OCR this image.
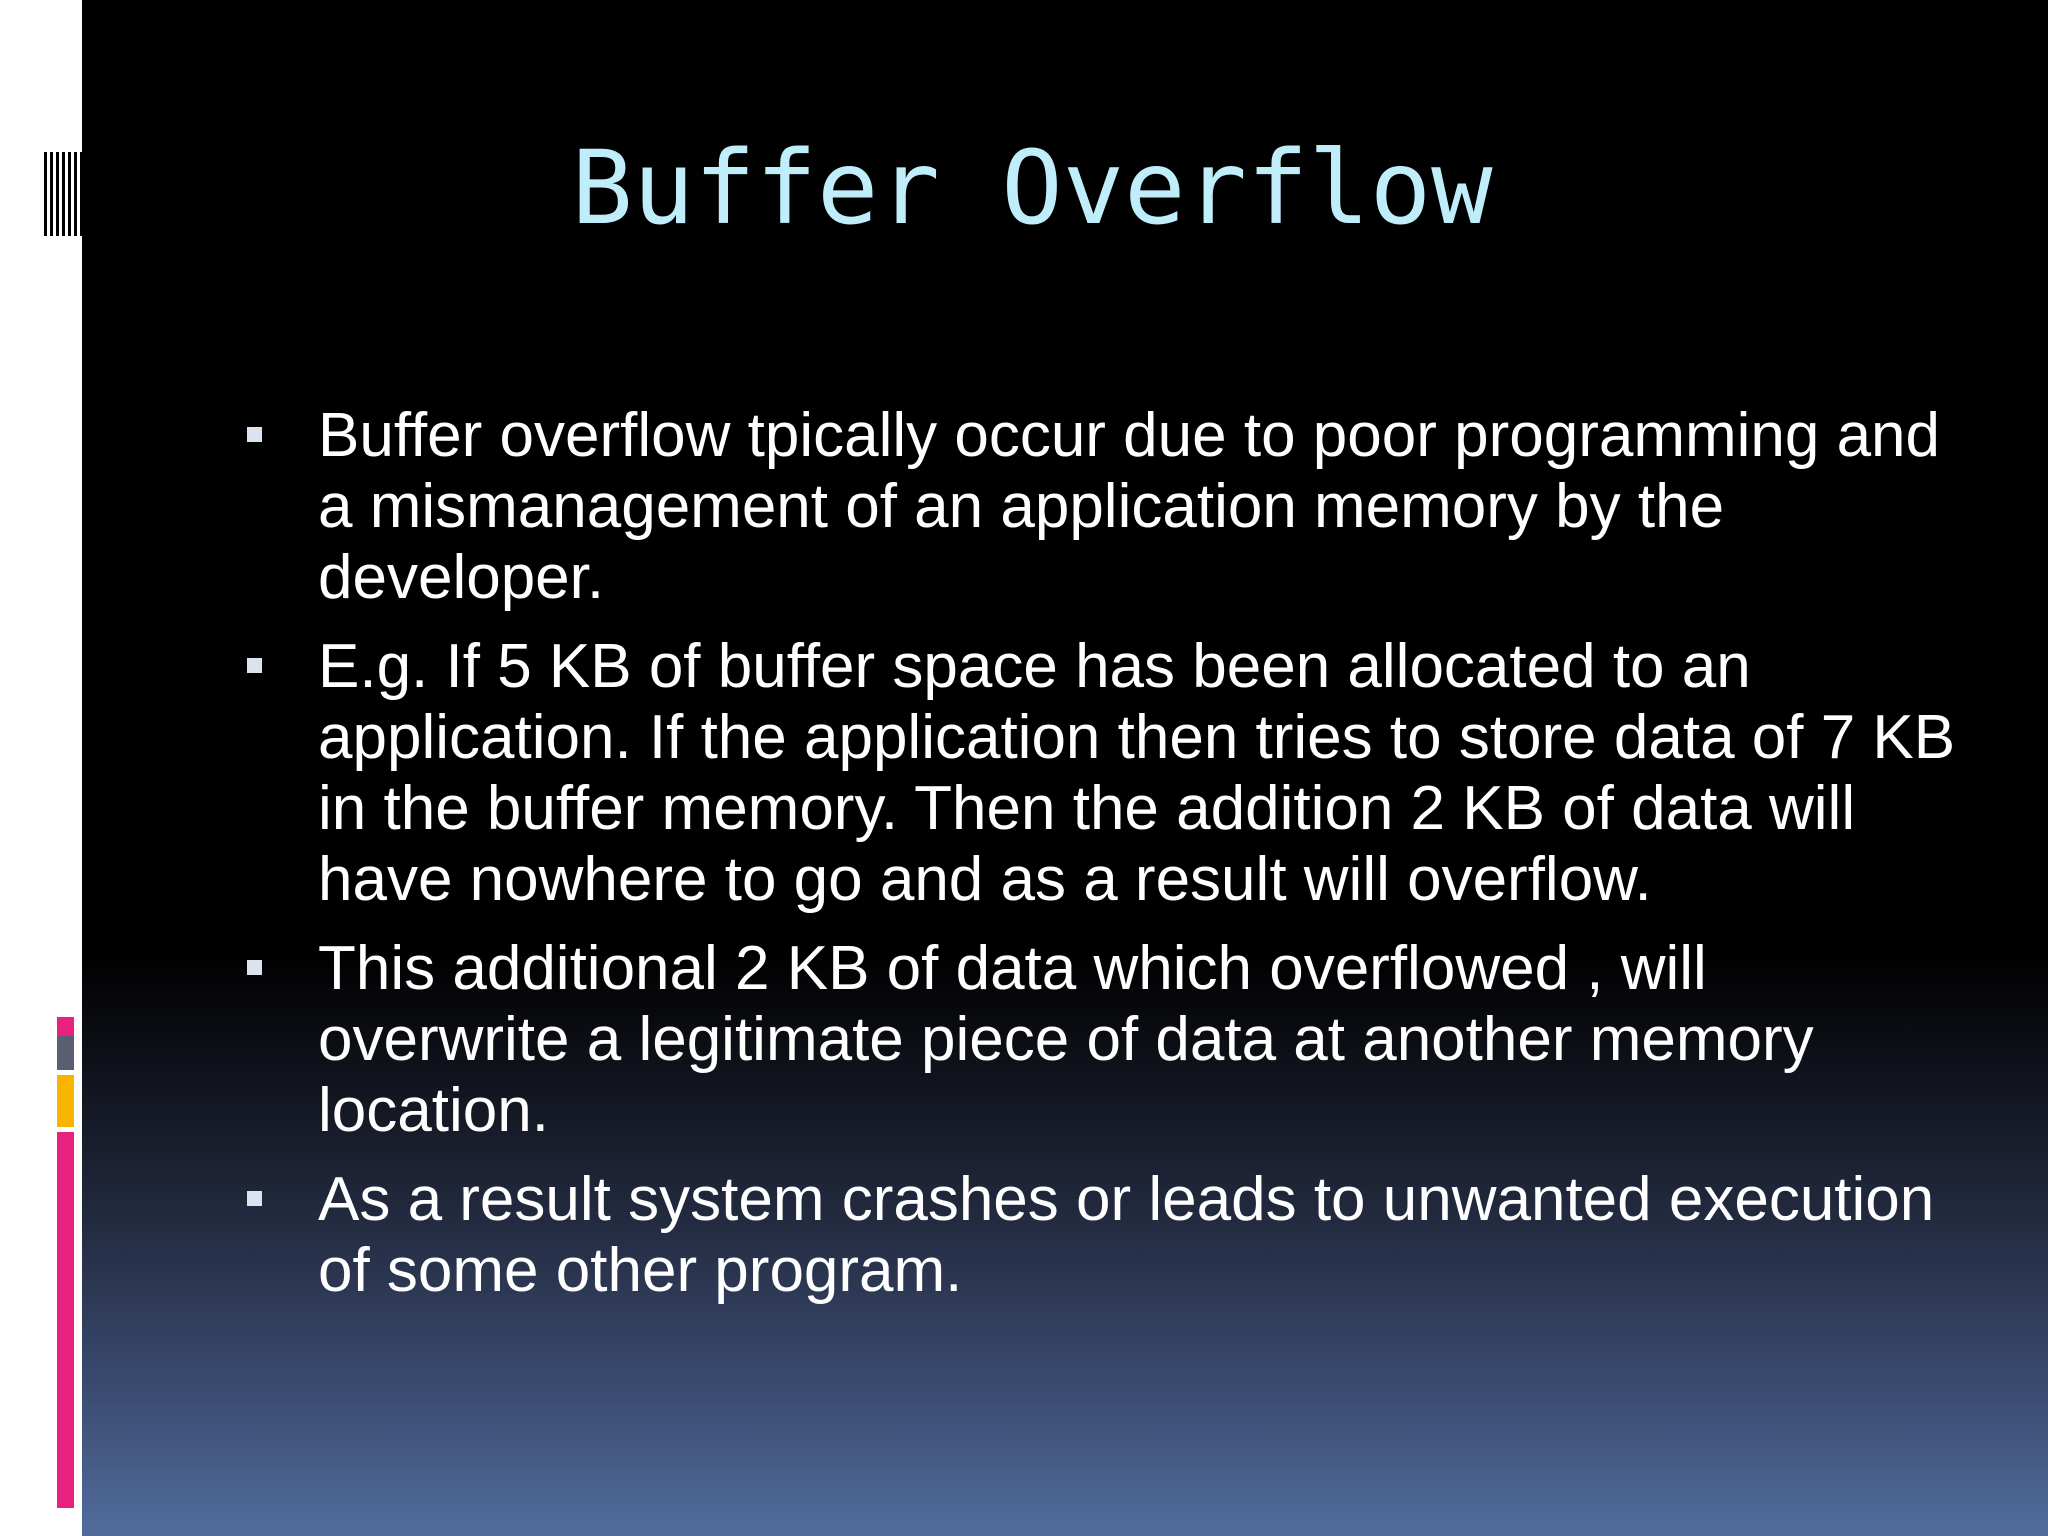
Buffer Overflow
Buffer overflow tpically occur due to poor programming and a mismanagement of an application memory by the developer.
E.g. If 5 KB of buffer space has been allocated to an application. If the application then tries to store data of 7 KB in the buffer memory. Then the addition 2 KB of data will have nowhere to go and as a result will overflow.
This additional 2 KB of data which overflowed , will overwrite a legitimate piece of data at another memory location.
As a result system crashes or leads to unwanted execution of some other program.
